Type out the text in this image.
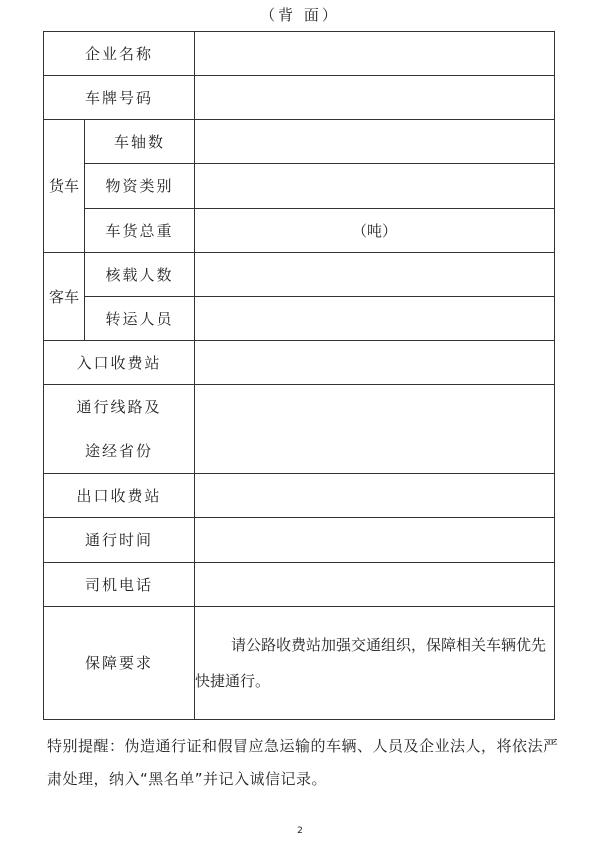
（背 面）
企业名称		
车牌号码		
货车	车轴数	
	物资类别	
	车货总重	（吨）
客车	核载人数	
	转运人员	
入口收费站		

通行线路及
途经省份		

出口收费站		
通行时间		
司机电话		
保障要求		请公路收费站加强交通组织，保障相关车辆优先快捷通行。
特别提醒：伪造通行证和假冒应急运输的车辆、人员及企业法人，将依法严肃处理，纳入“黑名单”并记入诚信记录。
2
